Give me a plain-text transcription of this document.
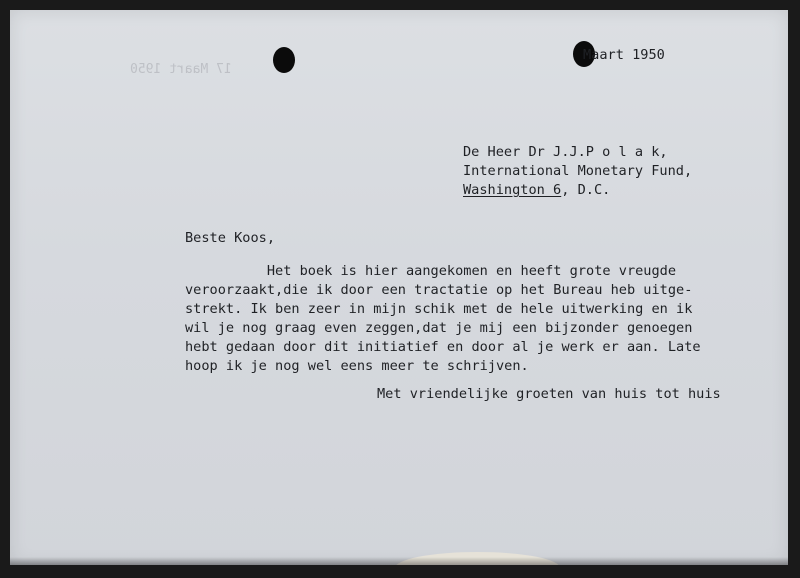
17 Maart 1950
Maart 1950
De Heer Dr J.J.P o l a k,
International Monetary Fund,
Washington 6, D.C.
Beste Koos,
Het boek is hier aangekomen en heeft grote vreugde
veroorzaakt,die ik door een tractatie op het Bureau heb uitge-
strekt. Ik ben zeer in mijn schik met de hele uitwerking en ik
wil je nog graag even zeggen,dat je mij een bijzonder genoegen
hebt gedaan door dit initiatief en door al je werk er aan. Late
hoop ik je nog wel eens meer te schrijven.
Met vriendelijke groeten van huis tot huis
